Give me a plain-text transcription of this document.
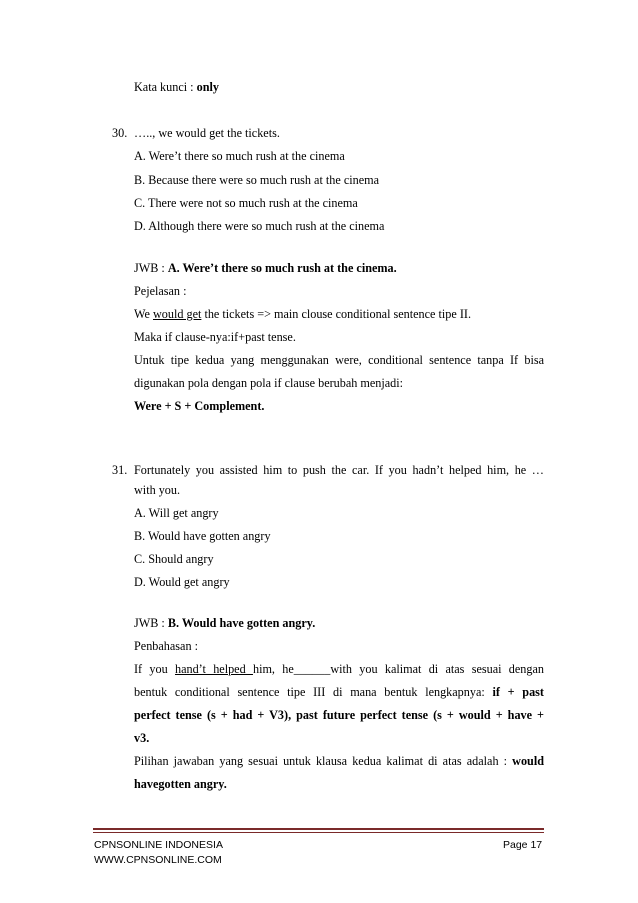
Kata kunci : only
30. ….., we would get the tickets.
A. Were’t there so much rush at the cinema
B. Because there were so much rush at the cinema
C. There were not so much rush at the cinema
D. Although there were so much rush at the cinema
JWB : A. Were’t there so much rush at the cinema.
Pejelasan :
We would get the tickets => main clouse conditional sentence tipe II.
Maka if clause-nya:if+past tense.
Untuk tipe kedua yang menggunakan were, conditional sentence tanpa If bisa
digunakan pola dengan pola if clause berubah menjadi:
Were + S + Complement.
31. Fortunately you assisted him to push the car. If you hadn’t helped him, he …
with you.
A. Will get angry
B. Would have gotten angry
C. Should angry
D. Would get angry
JWB : B. Would have gotten angry.
Penbahasan :
If you hand’t helped him, he______with you kalimat di atas sesuai dengan
bentuk conditional sentence tipe III di mana bentuk lengkapnya: if + past
perfect tense (s + had + V3), past future perfect tense (s + would + have +
v3.
Pilihan jawaban yang sesuai untuk klausa kedua kalimat di atas adalah : would
havegotten angry.
CPNSONLINE INDONESIA
WWW.CPNSONLINE.COM
Page 17
